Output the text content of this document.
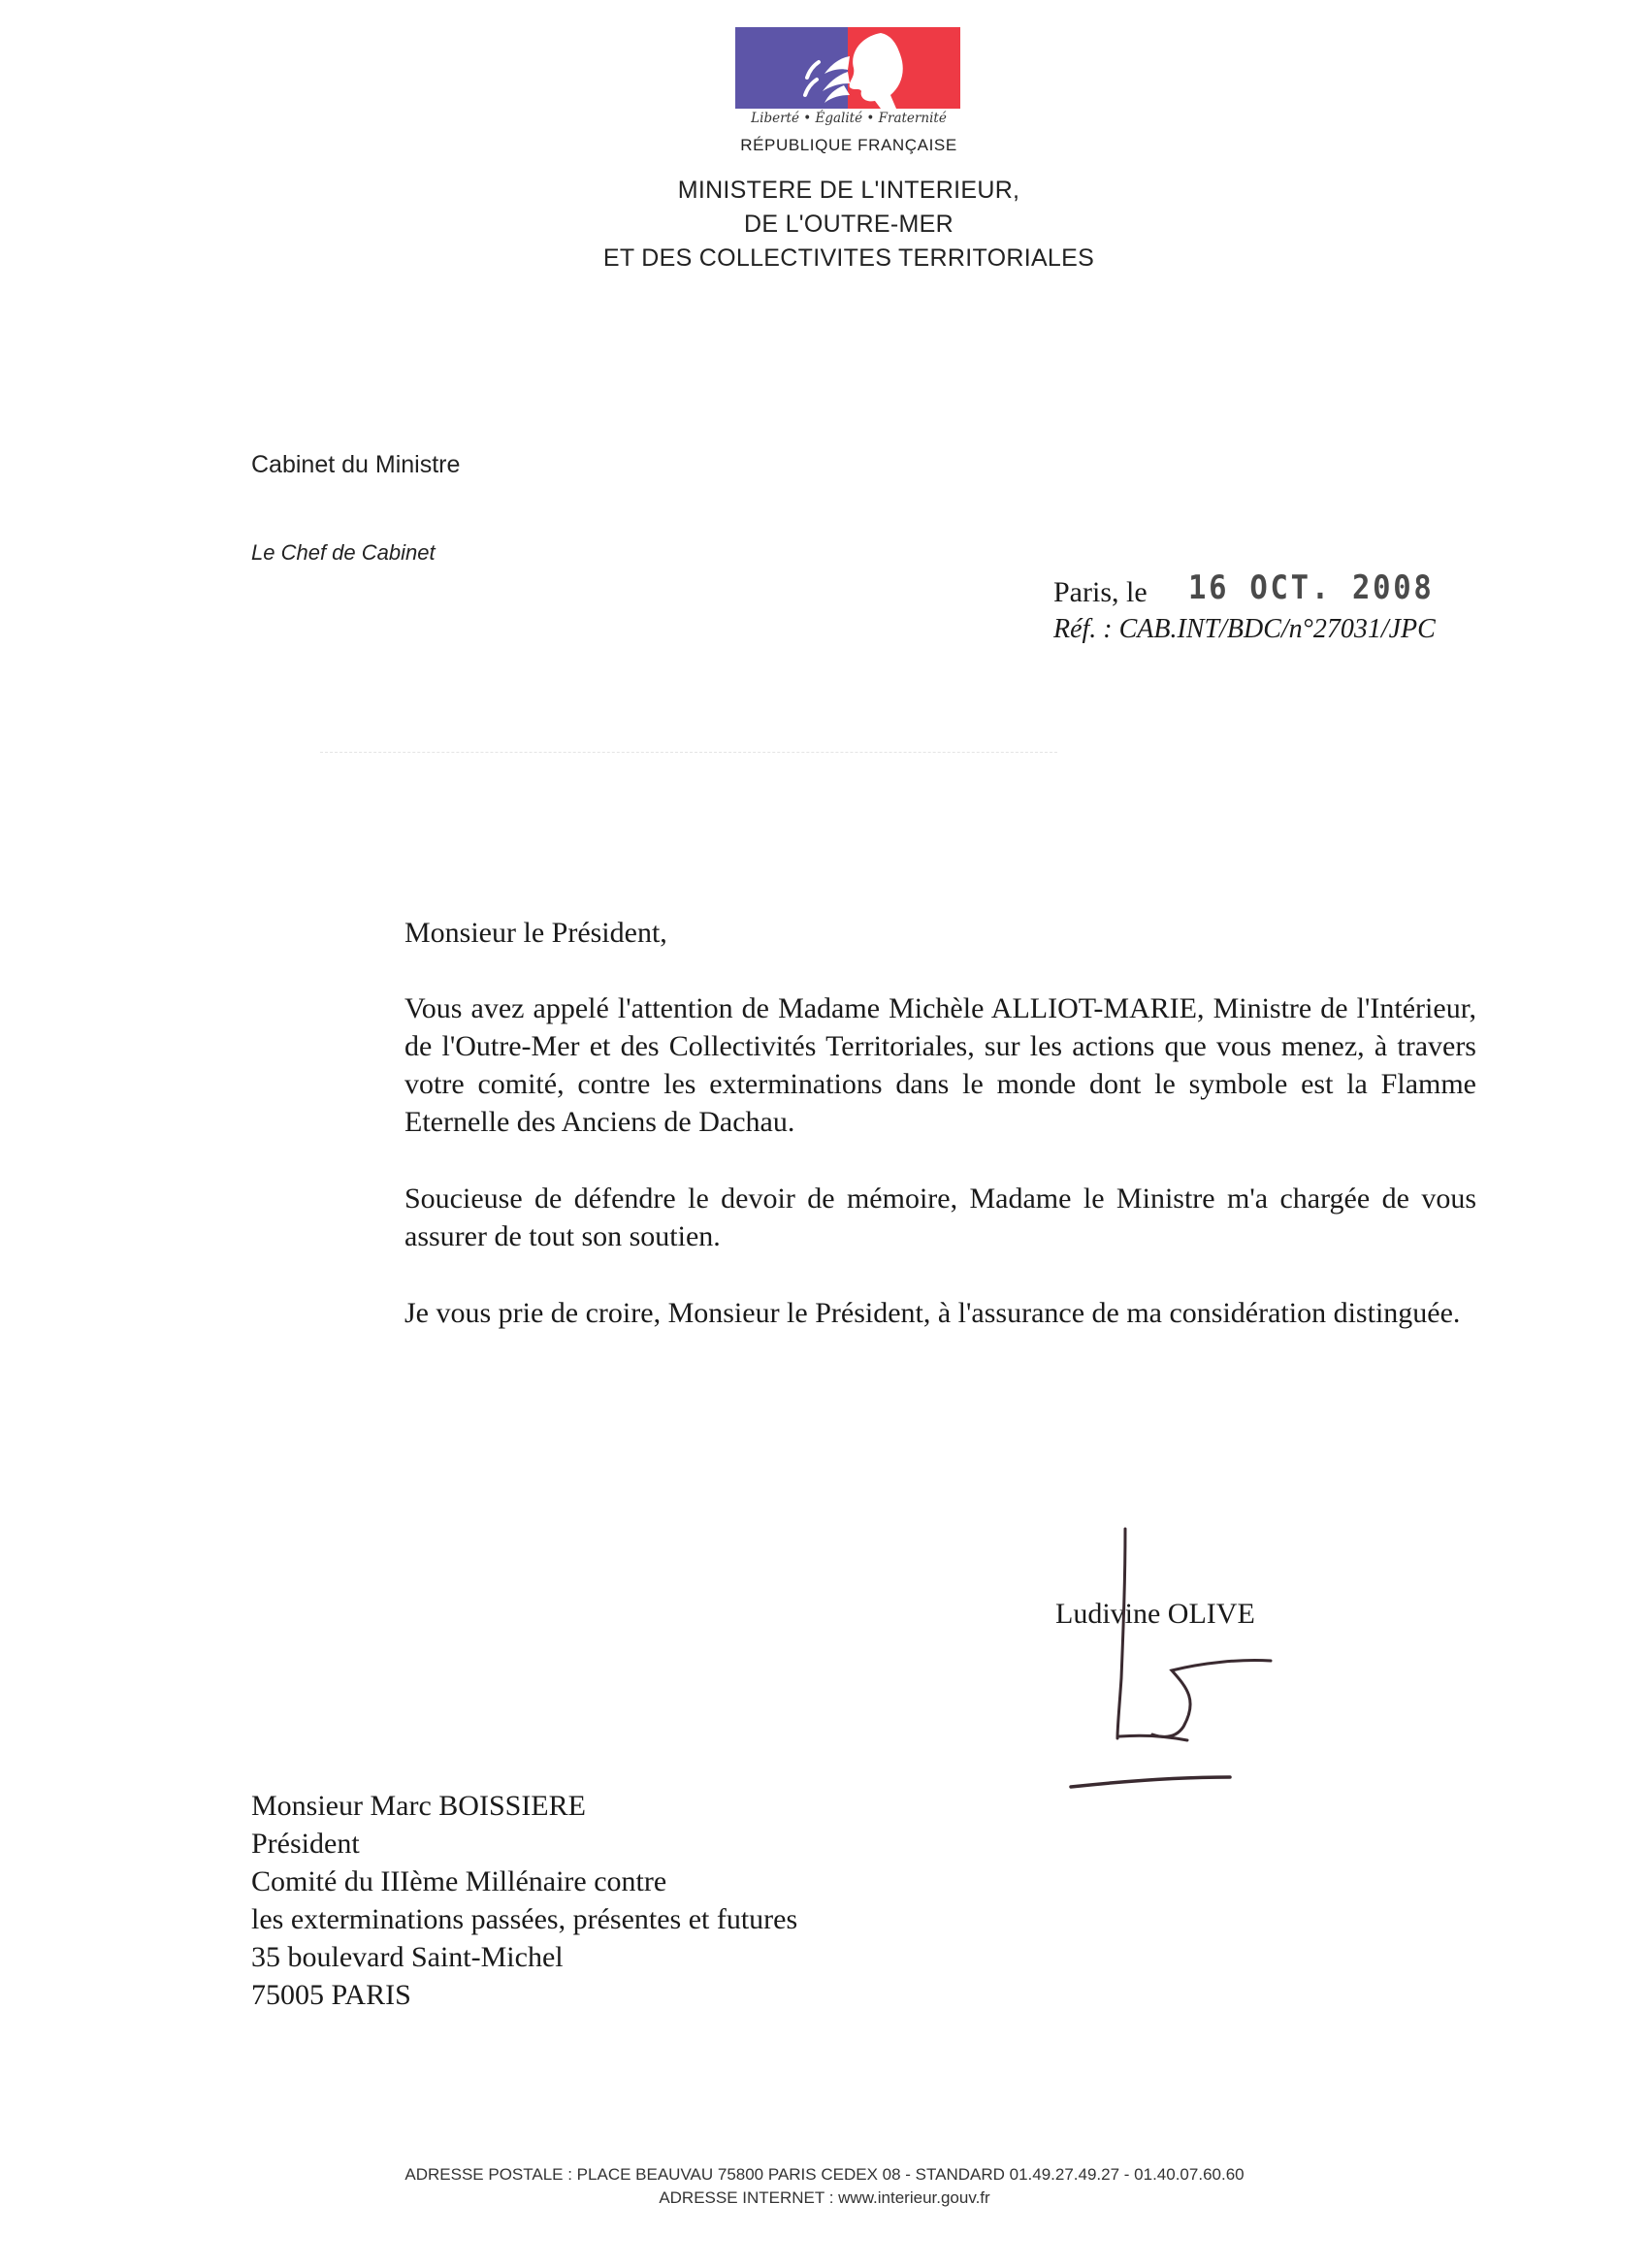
Liberté • Égalité • Fraternité
RÉPUBLIQUE FRANÇAISE
MINISTERE DE L'INTERIEUR,
DE L'OUTRE-MER
ET DES COLLECTIVITES TERRITORIALES
Cabinet du Ministre
Le Chef de Cabinet
Paris, le 16 OCT. 2008
Réf. : CAB.INT/BDC/n°27031/JPC

Monsieur le Président,

Vous avez appelé l'attention de Madame Michèle ALLIOT-MARIE, Ministre de l'Intérieur, de l'Outre-Mer et des Collectivités Territoriales, sur les actions que vous menez, à travers votre comité, contre les exterminations dans le monde dont le symbole est la Flamme Eternelle des Anciens de Dachau.

Soucieuse de défendre le devoir de mémoire, Madame le Ministre m'a chargée de vous assurer de tout son soutien.

Je vous prie de croire, Monsieur le Président, à l'assurance de ma considération distinguée.

Ludivine OLIVE
Monsieur Marc BOISSIERE
Président
Comité du IIIème Millénaire contre
les exterminations passées, présentes et futures
35 boulevard Saint-Michel
75005 PARIS
ADRESSE POSTALE : PLACE BEAUVAU 75800 PARIS CEDEX 08 - STANDARD 01.49.27.49.27 - 01.40.07.60.60
ADRESSE INTERNET : www.interieur.gouv.fr
